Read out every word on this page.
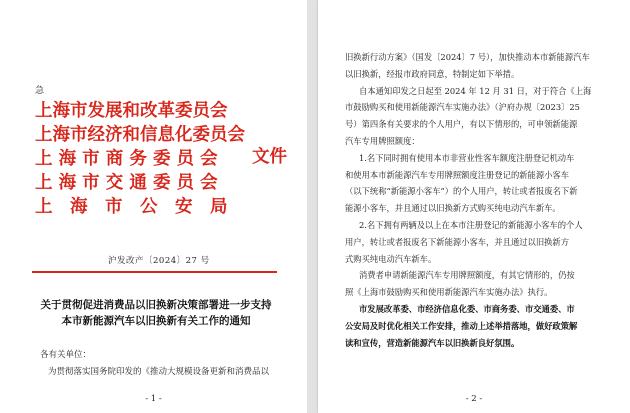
急
上海市发展和改革委员会
上海市经济和信息化委员会
上 海 市 商 务 委 员 会
上 海 市 交 通 委 员 会
上　海　市　公　安　局
文件
沪发改产〔2024〕27 号
关于贯彻促进消费品以旧换新决策部署进一步支持
本市新能源汽车以旧换新有关工作的通知
各有关单位：
为贯彻落实国务院印发的《推动大规模设备更新和消费品以
- 1 -
旧换新行动方案》（国发〔2024〕7 号），加快推动本市新能源汽车
以旧换新，经报市政府同意，特制定如下举措。
自本通知印发之日起至 2024 年 12 月 31 日，对于符合《上海
市鼓励购买和使用新能源汽车实施办法》（沪府办规〔2023〕25
号）第四条有关要求的个人用户，有以下情形的，可申领新能源
汽车专用牌照额度：
1.名下同时拥有使用本市非营业性客车额度注册登记机动车
和使用本市新能源汽车专用牌照额度注册登记的新能源小客车
（以下统称“新能源小客车”）的个人用户，转让或者报废名下新
能源小客车，并且通过以旧换新方式购买纯电动汽车新车。
2.名下拥有两辆及以上在本市注册登记的新能源小客车的个人
用户，转让或者报废名下新能源小客车，并且通过以旧换新方
式购买纯电动汽车新车。
消费者申请新能源汽车专用牌照额度，有其它情形的，仍按
照《上海市鼓励购买和使用新能源汽车实施办法》执行。
市发展改革委、市经济信息化委、市商务委、市交通委、市
公安局及时优化相关工作安排，推动上述举措落地，做好政策解
读和宣传，营造新能源汽车以旧换新良好氛围。
- 2 -
